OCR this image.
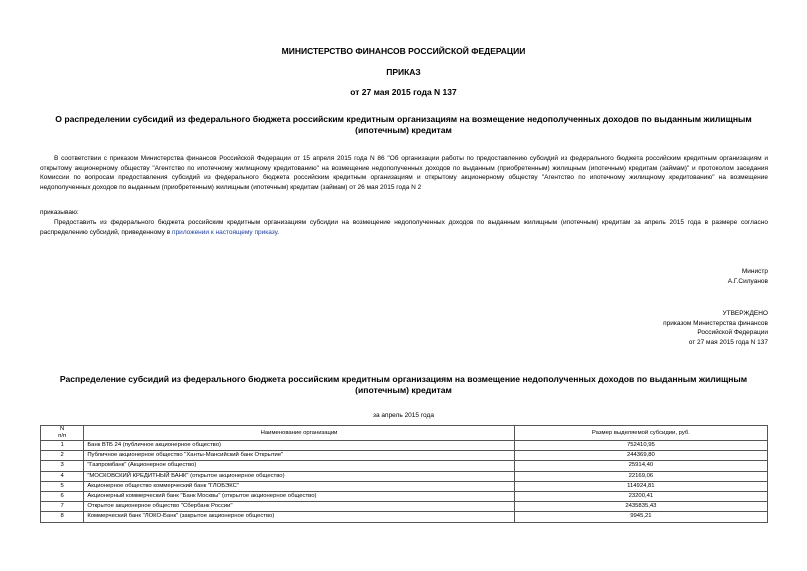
МИНИСТЕРСТВО ФИНАНСОВ РОССИЙСКОЙ ФЕДЕРАЦИИ
ПРИКАЗ
от 27 мая 2015 года N 137
О распределении субсидий из федерального бюджета российским кредитным организациям на возмещение недополученных доходов по выданным жилищным
(ипотечным) кредитам
В соответствии с приказом Министерства финансов Российской Федерации от 15 апреля 2015 года N 86 "Об организации работы по предоставлению субсидий из федерального бюджета российским кредитным организациям и открытому акционерному обществу "Агентство по ипотечному жилищному кредитованию" на возмещение недополученных доходов по выданным (приобретенным) жилищным (ипотечным) кредитам (займам)" и протоколом заседания Комиссии по вопросам предоставления субсидий из федерального бюджета российским кредитным организациям и открытому акционерному обществу "Агентство по ипотечному жилищному кредитованию" на возмещение недополученных доходов по выданным (приобретенным) жилищным (ипотечным) кредитам (займам) от 26 мая 2015 года N 2
приказываю:
Предоставить из федерального бюджета российским кредитным организациям субсидии на возмещение недополученных доходов по выданным жилищным (ипотечным) кредитам за апрель 2015 года в размере согласно распределению субсидий, приведенному в приложении к настоящему приказу.
Министр
А.Г.Силуанов
УТВЕРЖДЕНО
приказом Министерства финансов
Российской Федерации
от 27 мая 2015 года N 137
Распределение субсидий из федерального бюджета российским кредитным организациям на возмещение недополученных доходов по выданным жилищным
(ипотечным) кредитам
за апрель 2015 года
N
п/п	Наименование организации	Размер выделяемой субсидии, руб.
1	Банк ВТБ 24 (публичное акционерное общество)	752410,95
2	Публичное акционерное общество "Ханты-Мансийский банк Открытие"	244369,80
3	"Газпромбанк" (Акционерное общество)	25914,40
4	"МОСКОВСКИЙ КРЕДИТНЫЙ БАНК" (открытое акционерное общество)	22169,06
5	Акционерное общество коммерческий банк "ГЛОБЭКС"	114924,81
6	Акционерный коммерческий банк "Банк Москвы" (открытое акционерное общество)	23200,41
7	Открытое акционерное общество "Сбербанк России"	2435835,43
8	Коммерческий банк "ЛОКО-Банк" (закрытое акционерное общество)	9945,21
